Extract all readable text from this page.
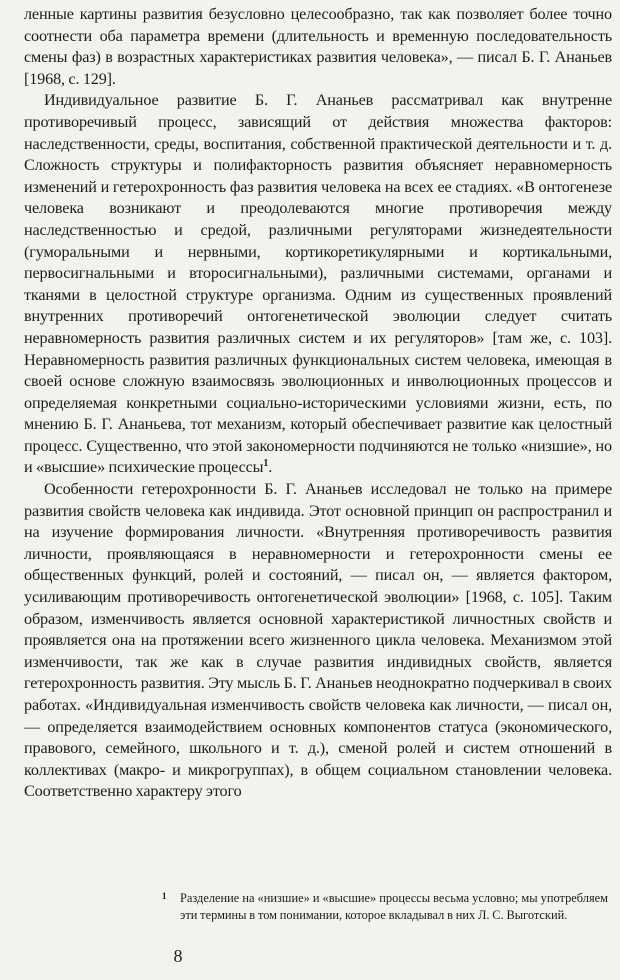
ленные картины развития безусловно целесообразно, так как позволяет более точно соотнести оба параметра времени (длительность и временную последовательность смены фаз) в возрастных характеристиках развития человека», — писал Б. Г. Ананьев [1968, с. 129].

Индивидуальное развитие Б. Г. Ананьев рассматривал как внутренне противоречивый процесс, зависящий от действия множества факторов: наследственности, среды, воспитания, собственной практической деятельности и т. д. Сложность структуры и полифакторность развития объясняет неравномерность изменений и гетерохронность фаз развития человека на всех ее стадиях. «В онтогенезе человека возникают и преодолеваются многие противоречия между наследственностью и средой, различными регуляторами жизнедеятельности (гуморальными и нервными, кортикоретикулярными и кортикальными, первосигнальными и второсигнальными), различными системами, органами и тканями в целостной структуре организма. Одним из существенных проявлений внутренних противоречий онтогенетической эволюции следует считать неравномерность развития различных систем и их регуляторов» [там же, с. 103]. Неравномерность развития различных функциональных систем человека, имеющая в своей основе сложную взаимосвязь эволюционных и инволюционных процессов и определяемая конкретными социально-историческими условиями жизни, есть, по мнению Б. Г. Ананьева, тот механизм, который обеспечивает развитие как целостный процесс. Существенно, что этой закономерности подчиняются не только «низшие», но и «высшие» психические процессы$^1$.

Особенности гетерохронности Б. Г. Ананьев исследовал не только на примере развития свойств человека как индивида. Этот основной принцип он распространил и на изучение формирования личности. «Внутренняя противоречивость развития личности, проявляющаяся в неравномерности и гетерохронности смены ее общественных функций, ролей и состояний, — писал он, — является фактором, усиливающим противоречивость онтогенетической эволюции» [1968, с. 105]. Таким образом, изменчивость является основной характеристикой личностных свойств и проявляется она на протяжении всего жизненного цикла человека. Механизмом этой изменчивости, так же как в случае развития индивидных свойств, является гетерохронность развития. Эту мысль Б. Г. Ананьев неоднократно подчеркивал в своих работах. «Индивидуальная изменчивость свойств человека как личности, — писал он, — определяется взаимодействием основных компонентов статуса (экономического, правового, семейного, школьного и т. д.), сменой ролей и систем отношений в коллективах (макро- и микрогруппах), в общем социальном становлении человека. Соответственно характеру этого

1 Разделение на «низшие» и «высшие» процессы весьма условно; мы употребляем эти термины в том понимании, которое вкладывал в них Л. С. Выготский.
8
